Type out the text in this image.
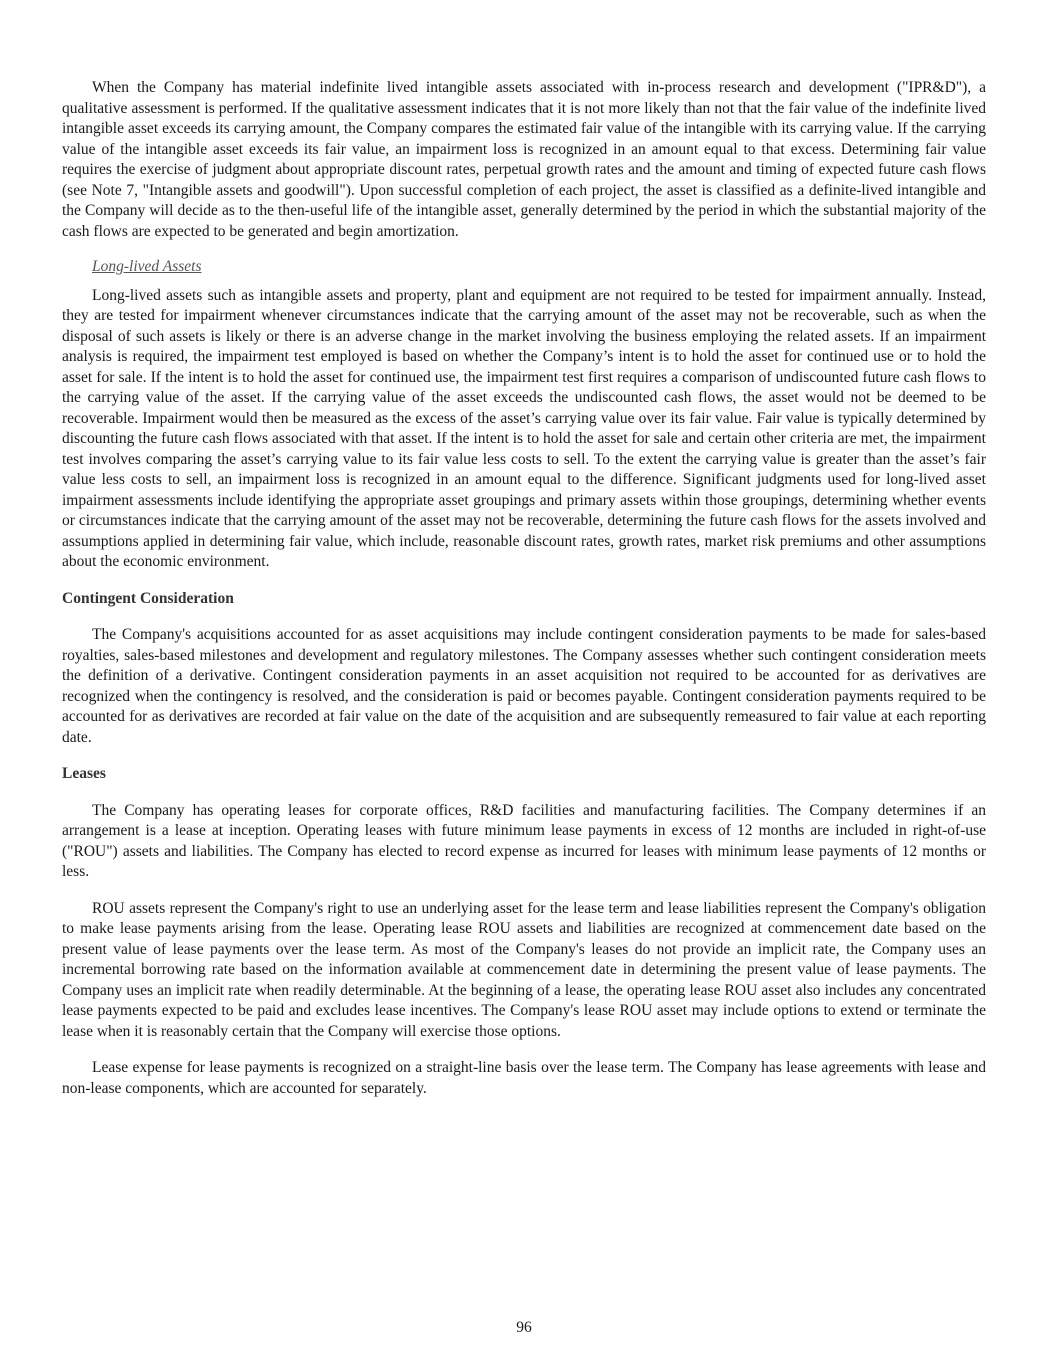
When the Company has material indefinite lived intangible assets associated with in-process research and development ("IPR&D"), a qualitative assessment is performed. If the qualitative assessment indicates that it is not more likely than not that the fair value of the indefinite lived intangible asset exceeds its carrying amount, the Company compares the estimated fair value of the intangible with its carrying value. If the carrying value of the intangible asset exceeds its fair value, an impairment loss is recognized in an amount equal to that excess. Determining fair value requires the exercise of judgment about appropriate discount rates, perpetual growth rates and the amount and timing of expected future cash flows (see Note 7, "Intangible assets and goodwill"). Upon successful completion of each project, the asset is classified as a definite-lived intangible and the Company will decide as to the then-useful life of the intangible asset, generally determined by the period in which the substantial majority of the cash flows are expected to be generated and begin amortization.

Long-lived Assets

Long-lived assets such as intangible assets and property, plant and equipment are not required to be tested for impairment annually. Instead, they are tested for impairment whenever circumstances indicate that the carrying amount of the asset may not be recoverable, such as when the disposal of such assets is likely or there is an adverse change in the market involving the business employing the related assets. If an impairment analysis is required, the impairment test employed is based on whether the Company’s intent is to hold the asset for continued use or to hold the asset for sale. If the intent is to hold the asset for continued use, the impairment test first requires a comparison of undiscounted future cash flows to the carrying value of the asset. If the carrying value of the asset exceeds the undiscounted cash flows, the asset would not be deemed to be recoverable. Impairment would then be measured as the excess of the asset’s carrying value over its fair value. Fair value is typically determined by discounting the future cash flows associated with that asset. If the intent is to hold the asset for sale and certain other criteria are met, the impairment test involves comparing the asset’s carrying value to its fair value less costs to sell. To the extent the carrying value is greater than the asset’s fair value less costs to sell, an impairment loss is recognized in an amount equal to the difference. Significant judgments used for long-lived asset impairment assessments include identifying the appropriate asset groupings and primary assets within those groupings, determining whether events or circumstances indicate that the carrying amount of the asset may not be recoverable, determining the future cash flows for the assets involved and assumptions applied in determining fair value, which include, reasonable discount rates, growth rates, market risk premiums and other assumptions about the economic environment.

Contingent Consideration

The Company's acquisitions accounted for as asset acquisitions may include contingent consideration payments to be made for sales-based royalties, sales-based milestones and development and regulatory milestones. The Company assesses whether such contingent consideration meets the definition of a derivative. Contingent consideration payments in an asset acquisition not required to be accounted for as derivatives are recognized when the contingency is resolved, and the consideration is paid or becomes payable. Contingent consideration payments required to be accounted for as derivatives are recorded at fair value on the date of the acquisition and are subsequently remeasured to fair value at each reporting date.

Leases

The Company has operating leases for corporate offices, R&D facilities and manufacturing facilities. The Company determines if an arrangement is a lease at inception. Operating leases with future minimum lease payments in excess of 12 months are included in right-of-use ("ROU") assets and liabilities. The Company has elected to record expense as incurred for leases with minimum lease payments of 12 months or less.

ROU assets represent the Company's right to use an underlying asset for the lease term and lease liabilities represent the Company's obligation to make lease payments arising from the lease. Operating lease ROU assets and liabilities are recognized at commencement date based on the present value of lease payments over the lease term. As most of the Company's leases do not provide an implicit rate, the Company uses an incremental borrowing rate based on the information available at commencement date in determining the present value of lease payments. The Company uses an implicit rate when readily determinable. At the beginning of a lease, the operating lease ROU asset also includes any concentrated lease payments expected to be paid and excludes lease incentives. The Company's lease ROU asset may include options to extend or terminate the lease when it is reasonably certain that the Company will exercise those options.

Lease expense for lease payments is recognized on a straight-line basis over the lease term. The Company has lease agreements with lease and non-lease components, which are accounted for separately.

96
